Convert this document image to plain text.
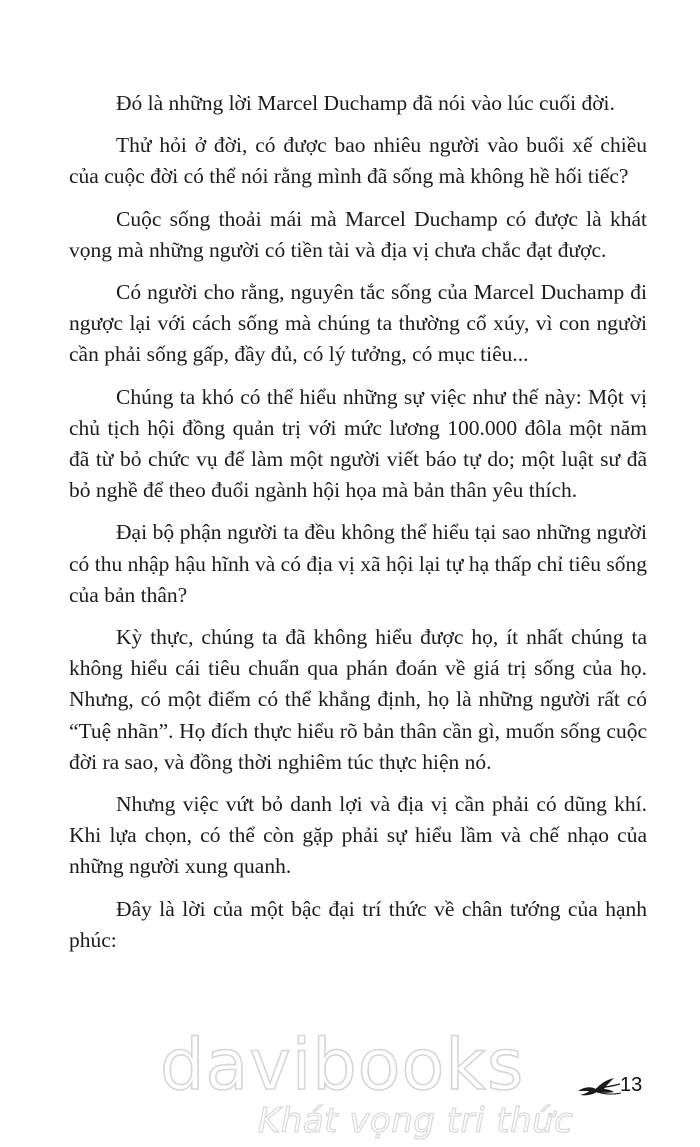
Đó là những lời Marcel Duchamp đã nói vào lúc cuối đời.

Thử hỏi ở đời, có được bao nhiêu người vào buổi xế chiều của cuộc đời có thể nói rằng mình đã sống mà không hề hối tiếc?

Cuộc sống thoải mái mà Marcel Duchamp có được là khát vọng mà những người có tiền tài và địa vị chưa chắc đạt được.

Có người cho rằng, nguyên tắc sống của Marcel Duchamp đi ngược lại với cách sống mà chúng ta thường cổ xúy, vì con người cần phải sống gấp, đầy đủ, có lý tưởng, có mục tiêu...

Chúng ta khó có thể hiểu những sự việc như thế này: Một vị chủ tịch hội đồng quản trị với mức lương 100.000 đôla một năm đã từ bỏ chức vụ để làm một người viết báo tự do; một luật sư đã bỏ nghề để theo đuổi ngành hội họa mà bản thân yêu thích.

Đại bộ phận người ta đều không thể hiểu tại sao những người có thu nhập hậu hĩnh và có địa vị xã hội lại tự hạ thấp chỉ tiêu sống của bản thân?

Kỳ thực, chúng ta đã không hiểu được họ, ít nhất chúng ta không hiểu cái tiêu chuẩn qua phán đoán về giá trị sống của họ. Nhưng, có một điểm có thể khẳng định, họ là những người rất có “Tuệ nhãn”. Họ đích thực hiểu rõ bản thân cần gì, muốn sống cuộc đời ra sao, và đồng thời nghiêm túc thực hiện nó.

Nhưng việc vứt bỏ danh lợi và địa vị cần phải có dũng khí. Khi lựa chọn, có thể còn gặp phải sự hiểu lầm và chế nhạo của những người xung quanh.

Đây là lời của một bậc đại trí thức về chân tướng của hạnh phúc:

davibooks
Khát vọng tri thức
13
